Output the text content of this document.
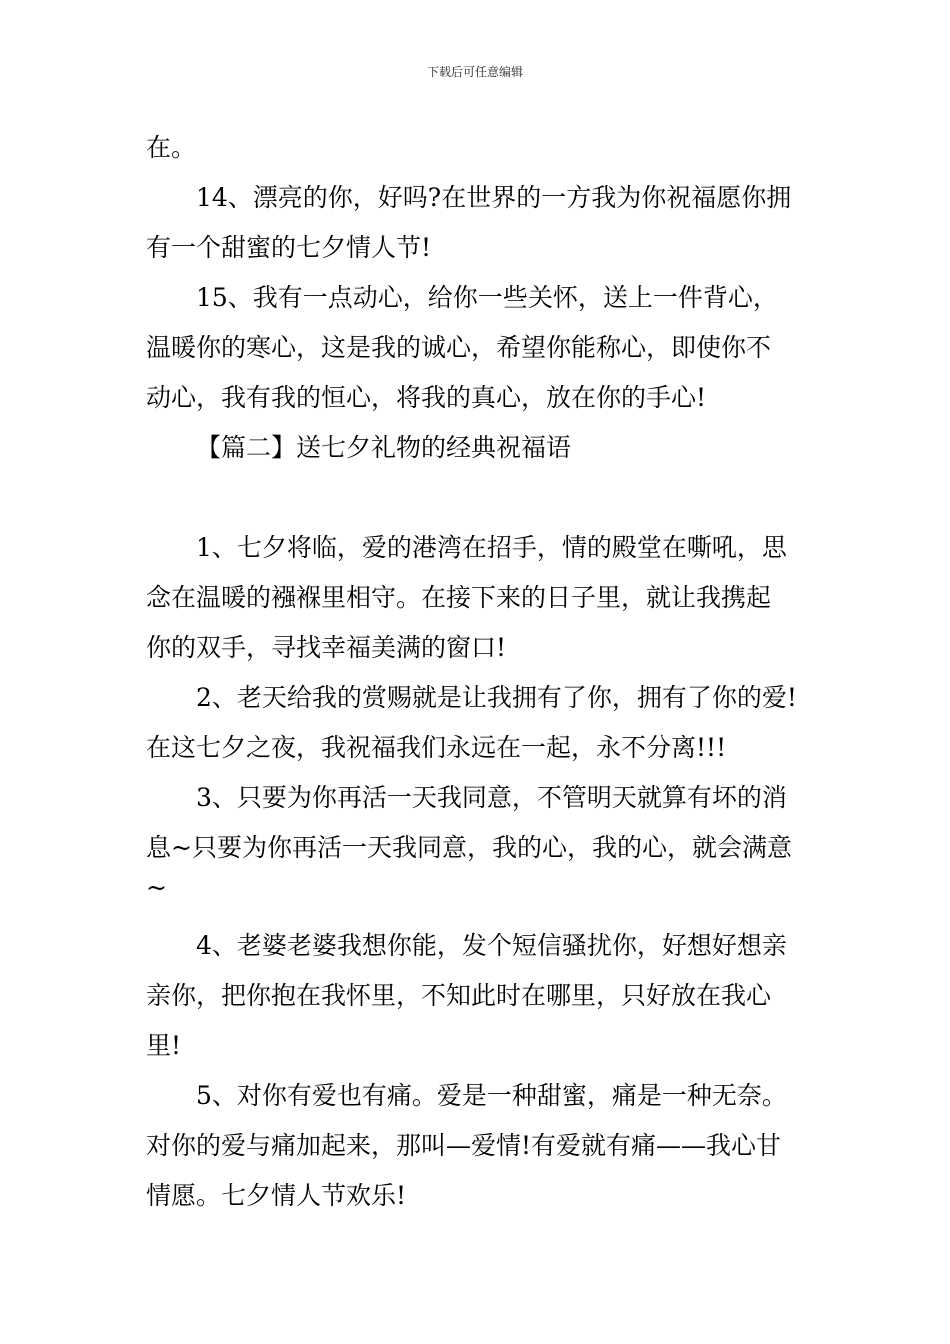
下载后可任意编辑
在。
14、漂亮的你，好吗?在世界的一方我为你祝福愿你拥
有一个甜蜜的七夕情人节!
15、我有一点动心，给你一些关怀，送上一件背心，
温暖你的寒心，这是我的诚心，希望你能称心，即使你不
动心，我有我的恒心，将我的真心，放在你的手心!
【篇二】送七夕礼物的经典祝福语
1、七夕将临，爱的港湾在招手，情的殿堂在嘶吼，思
念在温暖的襁褓里相守。在接下来的日子里，就让我携起
你的双手，寻找幸福美满的窗口!
2、老天给我的赏赐就是让我拥有了你，拥有了你的爱!
在这七夕之夜，我祝福我们永远在一起，永不分离!!!
3、只要为你再活一天我同意，不管明天就算有坏的消
息~只要为你再活一天我同意，我的心，我的心，就会满意
~
4、老婆老婆我想你能，发个短信骚扰你，好想好想亲
亲你，把你抱在我怀里，不知此时在哪里，只好放在我心
里!
5、对你有爱也有痛。爱是一种甜蜜，痛是一种无奈。
对你的爱与痛加起来，那叫—爱情!有爱就有痛——我心甘
情愿。七夕情人节欢乐!
